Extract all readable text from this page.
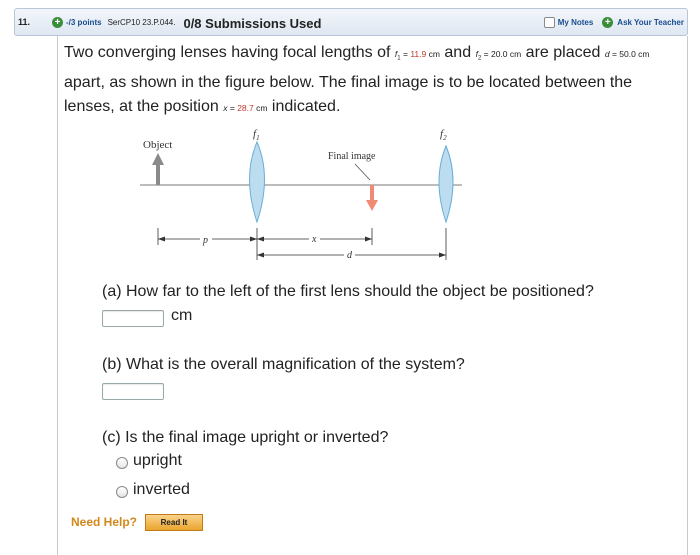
11.	+ -/3 points SerCP10 23.P.044. 0/8 Submissions Used	My Notes + Ask Your Teacher
Two converging lenses having focal lengths of $f_1 = 11.9$ cm and $f_2 = 20.0$ cm are placed d = 50.0 cm apart, as shown in the figure below. The final image is to be located between the lenses, at the position x = 28.7 cm indicated.
Object
$f_1$	$f_2$
Final image
p	x
d
(a) How far to the left of the first lens should the object be positioned?
cm
(b) What is the overall magnification of the system?
(c) Is the final image upright or inverted?
upright
inverted
Need Help?	Read It
